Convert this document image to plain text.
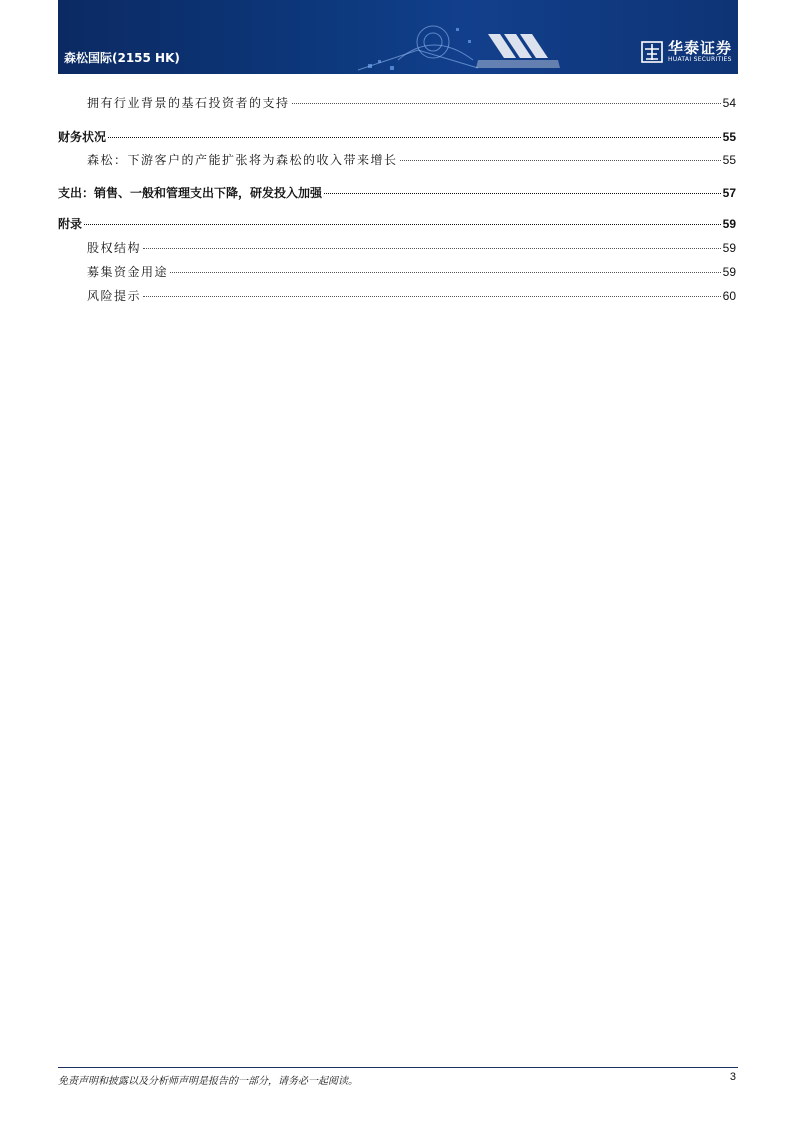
森松国际(2155 HK)
华泰证券
HUATAI SECURITIES
拥有行业背景的基石投资者的支持	54
财务状况	55
森松：下游客户的产能扩张将为森松的收入带来增长	55
支出：销售、一般和管理支出下降，研发投入加强	57
附录	59
股权结构	59
募集资金用途	59
风险提示	60
免责声明和披露以及分析师声明是报告的一部分，请务必一起阅读。	3
